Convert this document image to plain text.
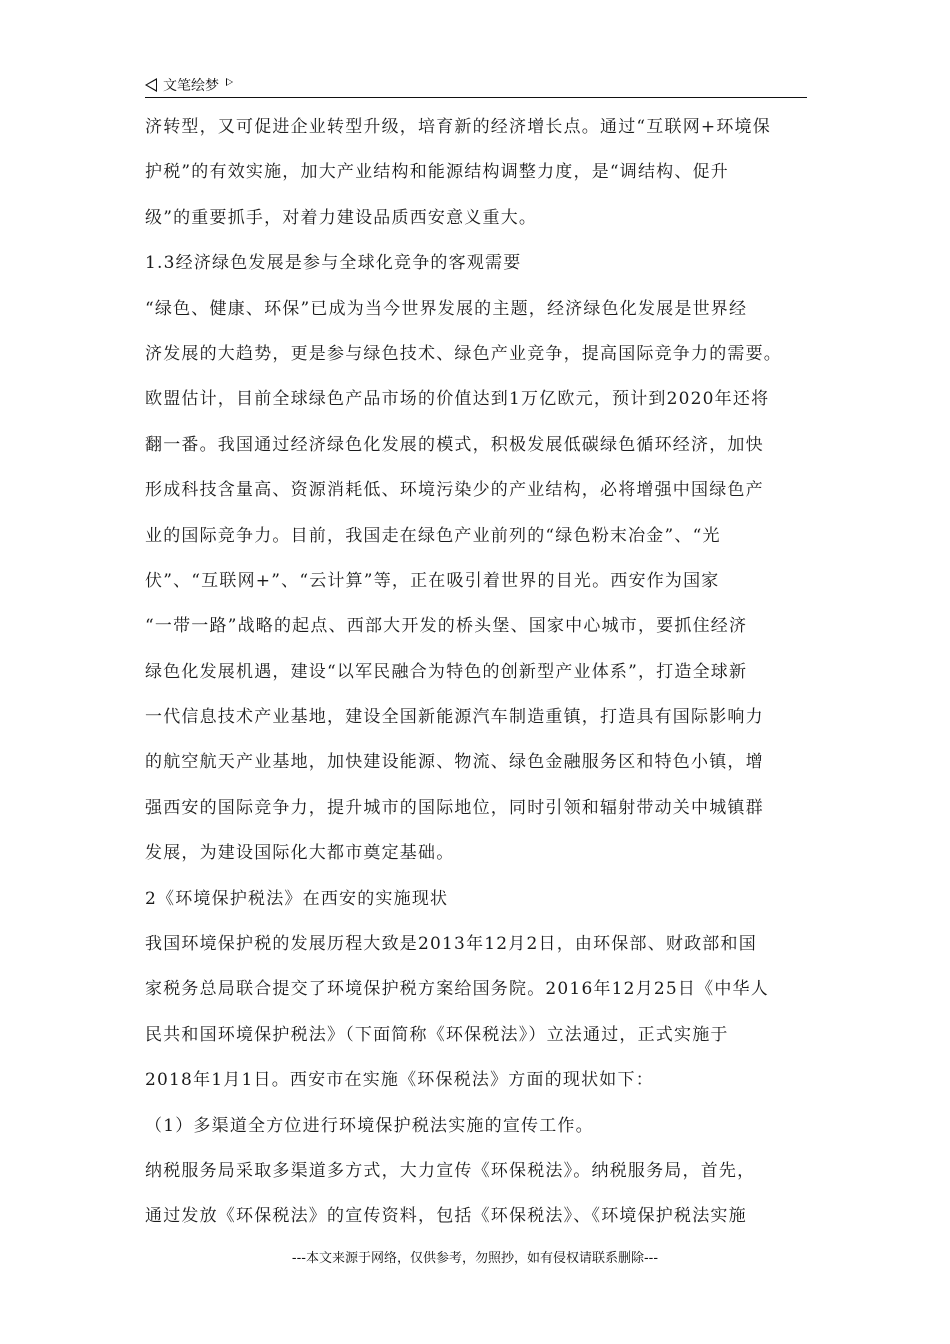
文笔绘梦
济转型，又可促进企业转型升级，培育新的经济增长点。通过“互联网+环境保
护税”的有效实施，加大产业结构和能源结构调整力度，是“调结构、促升
级”的重要抓手，对着力建设品质西安意义重大。
1.3经济绿色发展是参与全球化竞争的客观需要
“绿色、健康、环保”已成为当今世界发展的主题，经济绿色化发展是世界经
济发展的大趋势，更是参与绿色技术、绿色产业竞争，提高国际竞争力的需要。
欧盟估计，目前全球绿色产品市场的价值达到1万亿欧元，预计到2020年还将
翻一番。我国通过经济绿色化发展的模式，积极发展低碳绿色循环经济，加快
形成科技含量高、资源消耗低、环境污染少的产业结构，必将增强中国绿色产
业的国际竞争力。目前，我国走在绿色产业前列的“绿色粉末冶金”、“光
伏”、“互联网+”、“云计算”等，正在吸引着世界的目光。西安作为国家
“一带一路”战略的起点、西部大开发的桥头堡、国家中心城市，要抓住经济
绿色化发展机遇，建设“以军民融合为特色的创新型产业体系”，打造全球新
一代信息技术产业基地，建设全国新能源汽车制造重镇，打造具有国际影响力
的航空航天产业基地，加快建设能源、物流、绿色金融服务区和特色小镇，增
强西安的国际竞争力，提升城市的国际地位，同时引领和辐射带动关中城镇群
发展，为建设国际化大都市奠定基础。
2《环境保护税法》在西安的实施现状
我国环境保护税的发展历程大致是2013年12月2日，由环保部、财政部和国
家税务总局联合提交了环境保护税方案给国务院。2016年12月25日《中华人
民共和国环境保护税法》（下面简称《环保税法》）立法通过，正式实施于
2018年1月1日。西安市在实施《环保税法》方面的现状如下：
（1）多渠道全方位进行环境保护税法实施的宣传工作。
纳税服务局采取多渠道多方式，大力宣传《环保税法》。纳税服务局，首先，
通过发放《环保税法》的宣传资料，包括《环保税法》、《环境保护税法实施
---本文来源于网络，仅供参考，勿照抄，如有侵权请联系删除---
